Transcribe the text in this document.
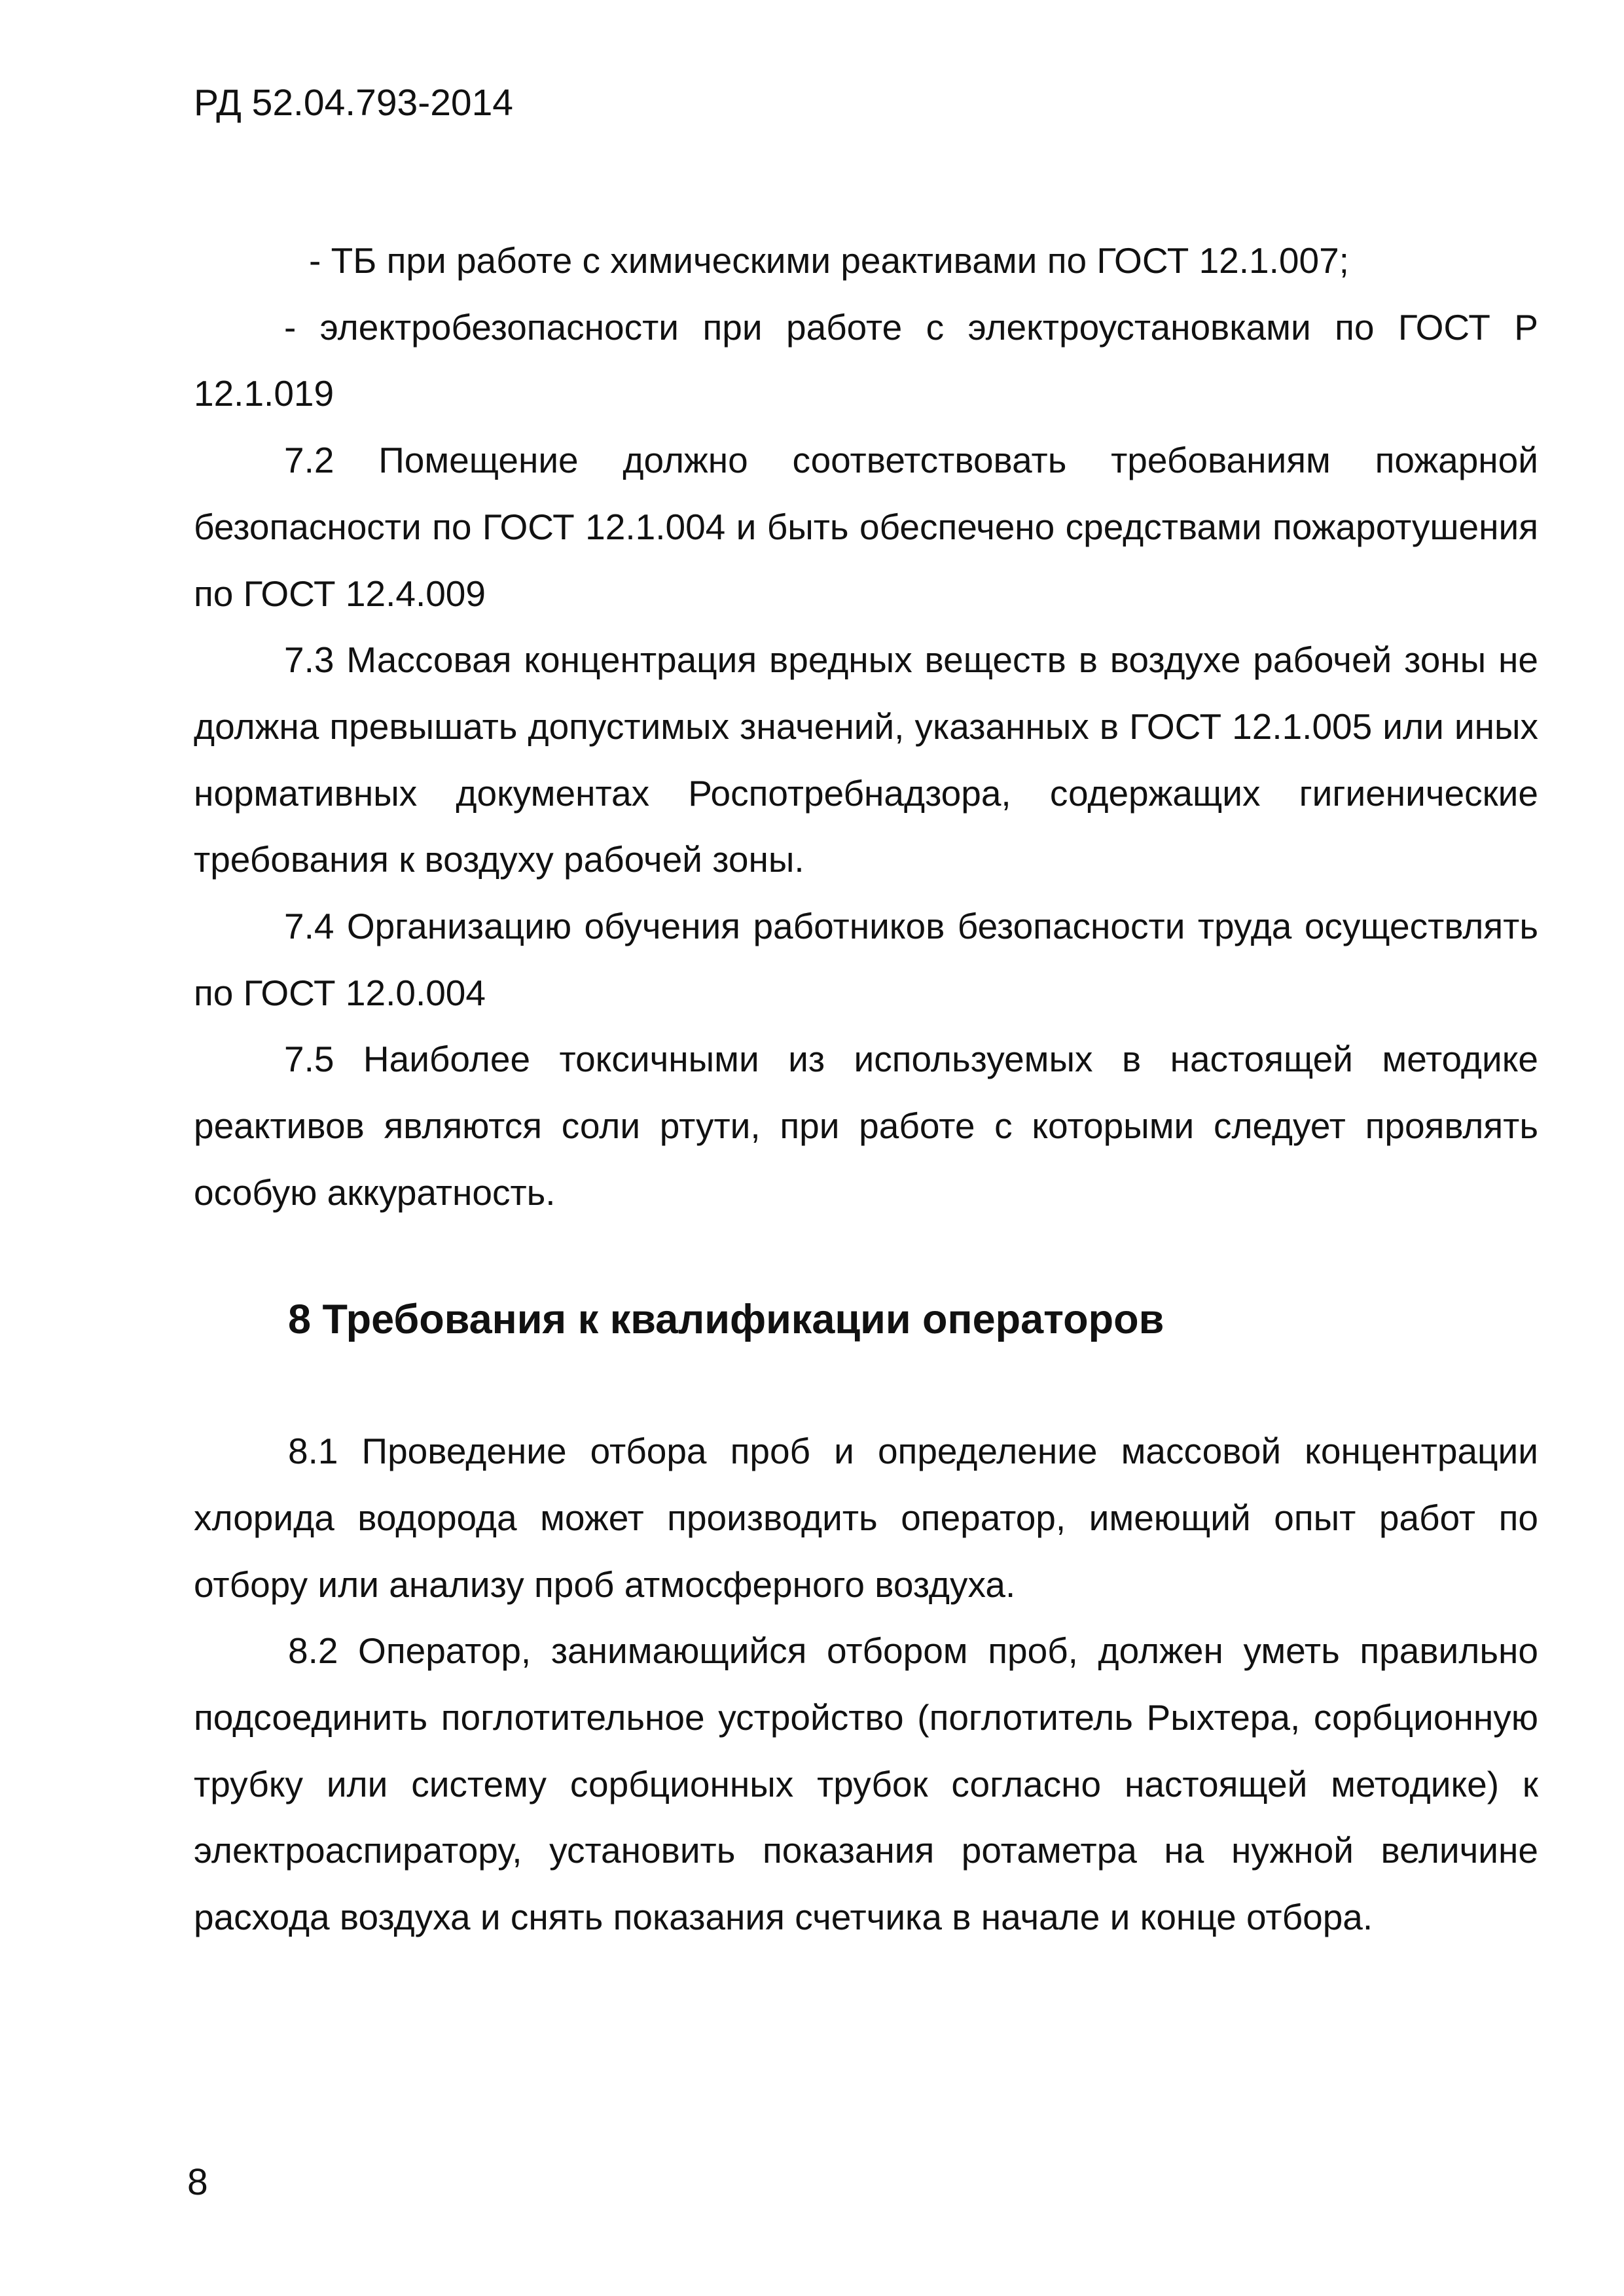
РД 52.04.793-2014

- ТБ при работе с химическими реактивами по ГОСТ 12.1.007;

- электробезопасности при работе с электроустановками по ГОСТ Р 12.1.019

7.2 Помещение должно соответствовать требованиям пожарной безопасности по ГОСТ 12.1.004 и быть обеспечено средствами пожаротушения по ГОСТ 12.4.009

7.3 Массовая концентрация вредных веществ в воздухе рабочей зоны не должна превышать допустимых значений, указанных в ГОСТ 12.1.005 или иных нормативных документах Роспотребнадзора, содержащих гигиенические требования к воздуху рабочей зоны.

7.4 Организацию обучения работников безопасности труда осуществлять по ГОСТ 12.0.004

7.5 Наиболее токсичными из используемых в настоящей методике реактивов являются соли ртути, при работе с которыми следует проявлять особую аккуратность.

8 Требования к квалификации операторов

8.1 Проведение отбора проб и определение массовой концентрации хлорида водорода может производить оператор, имеющий опыт работ по отбору или анализу проб атмосферного воздуха.

8.2 Оператор, занимающийся отбором проб, должен уметь правильно подсоединить поглотительное устройство (поглотитель Рыхтера, сорбционную трубку или систему сорбционных трубок согласно настоящей методике) к электроаспиратору, установить показания ротаметра на нужной величине расхода воздуха и снять показания счетчика в начале и конце отбора.

8
